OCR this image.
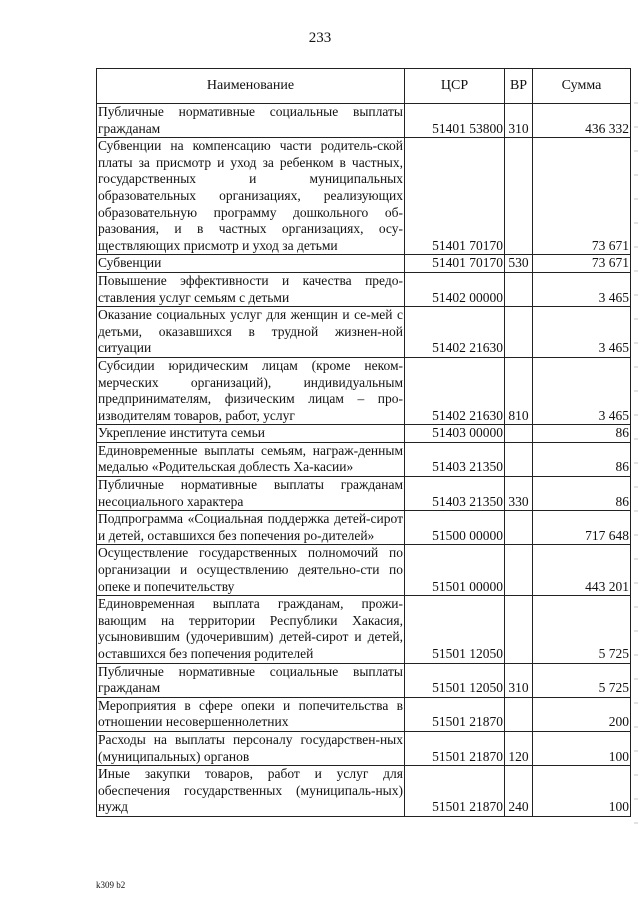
233
Наименование	ЦСР	ВР	Сумма
Публичные нормативные социальные выплаты гражданам	51401 53800	310	436 332
Субвенции на компенсацию части родитель-ской платы за присмотр и уход за ребенком в частных, государственных и муниципальных образовательных организациях, реализующих образовательную программу дошкольного об-разования, и в частных организациях, осу-ществляющих присмотр и уход за детьми	51401 70170		73 671
Субвенции	51401 70170	530	73 671
Повышение эффективности и качества предо-ставления услуг семьям с детьми	51402 00000		3 465
Оказание социальных услуг для женщин и се-мей с детьми, оказавшихся в трудной жизнен-ной ситуации	51402 21630		3 465
Субсидии юридическим лицам (кроме неком-мерческих организаций), индивидуальным предпринимателям, физическим лицам – про-изводителям товаров, работ, услуг	51402 21630	810	3 465
Укрепление института семьи	51403 00000		86
Единовременные выплаты семьям, награж-денным медалью «Родительская доблесть Ха-касии»	51403 21350		86
Публичные нормативные выплаты гражданам несоциального характера	51403 21350	330	86
Подпрограмма «Социальная поддержка детей-сирот и детей, оставшихся без попечения ро-дителей»	51500 00000		717 648
Осуществление государственных полномочий по организации и осуществлению деятельно-сти по опеке и попечительству	51501 00000		443 201
Единовременная выплата гражданам, прожи-вающим на территории Республики Хакасия, усыновившим (удочерившим) детей-сирот и детей, оставшихся без попечения родителей	51501 12050		5 725
Публичные нормативные социальные выплаты гражданам	51501 12050	310	5 725
Мероприятия в сфере опеки и попечительства в отношении несовершеннолетних	51501 21870		200
Расходы на выплаты персоналу государствен-ных (муниципальных) органов	51501 21870	120	100
Иные закупки товаров, работ и услуг для обеспечения государственных (муниципаль-ных) нужд	51501 21870	240	100
k309 b2
